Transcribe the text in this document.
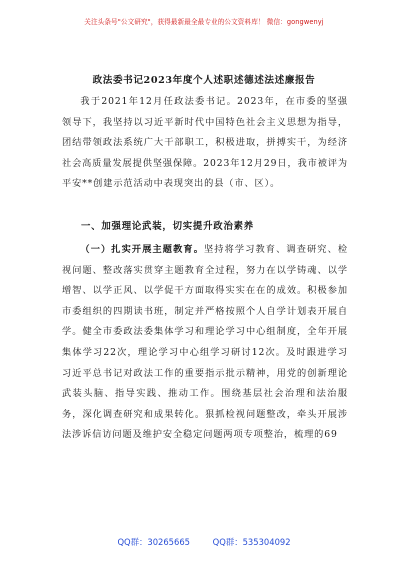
关注头条号"公文研究"，获得最新最全最专业的公文资料库！ 微信：gongwenyj
政法委书记2023年度个人述职述德述法述廉报告
我于2021年12月任政法委书记。2023年，在市委的坚强领导下，我坚持以习近平新时代中国特色社会主义思想为指导，团结带领政法系统广大干部职工，积极进取，拼搏实干，为经济社会高质量发展提供坚强保障。2023年12月29日，我市被评为平安**创建示范活动中表现突出的县（市、区）。
一、加强理论武装，切实提升政治素养
（一）扎实开展主题教育。坚持将学习教育、调查研究、检视问题、整改落实贯穿主题教育全过程，努力在以学铸魂、以学增智、以学正风、以学促干方面取得实实在在的成效。积极参加市委组织的四期读书班，制定并严格按照个人自学计划表开展自学。健全市委政法委集体学习和理论学习中心组制度，全年开展集体学习22次，理论学习中心组学习研讨12次。及时跟进学习习近平总书记对政法工作的重要指示批示精神，用党的创新理论武装头脑、指导实践、推动工作。围绕基层社会治理和法治服务，深化调查研究和成果转化。狠抓检视问题整改，牵头开展涉法涉诉信访问题及维护安全稳定问题两项专项整治，梳理的69
QQ群：30265665	QQ群：535304092
